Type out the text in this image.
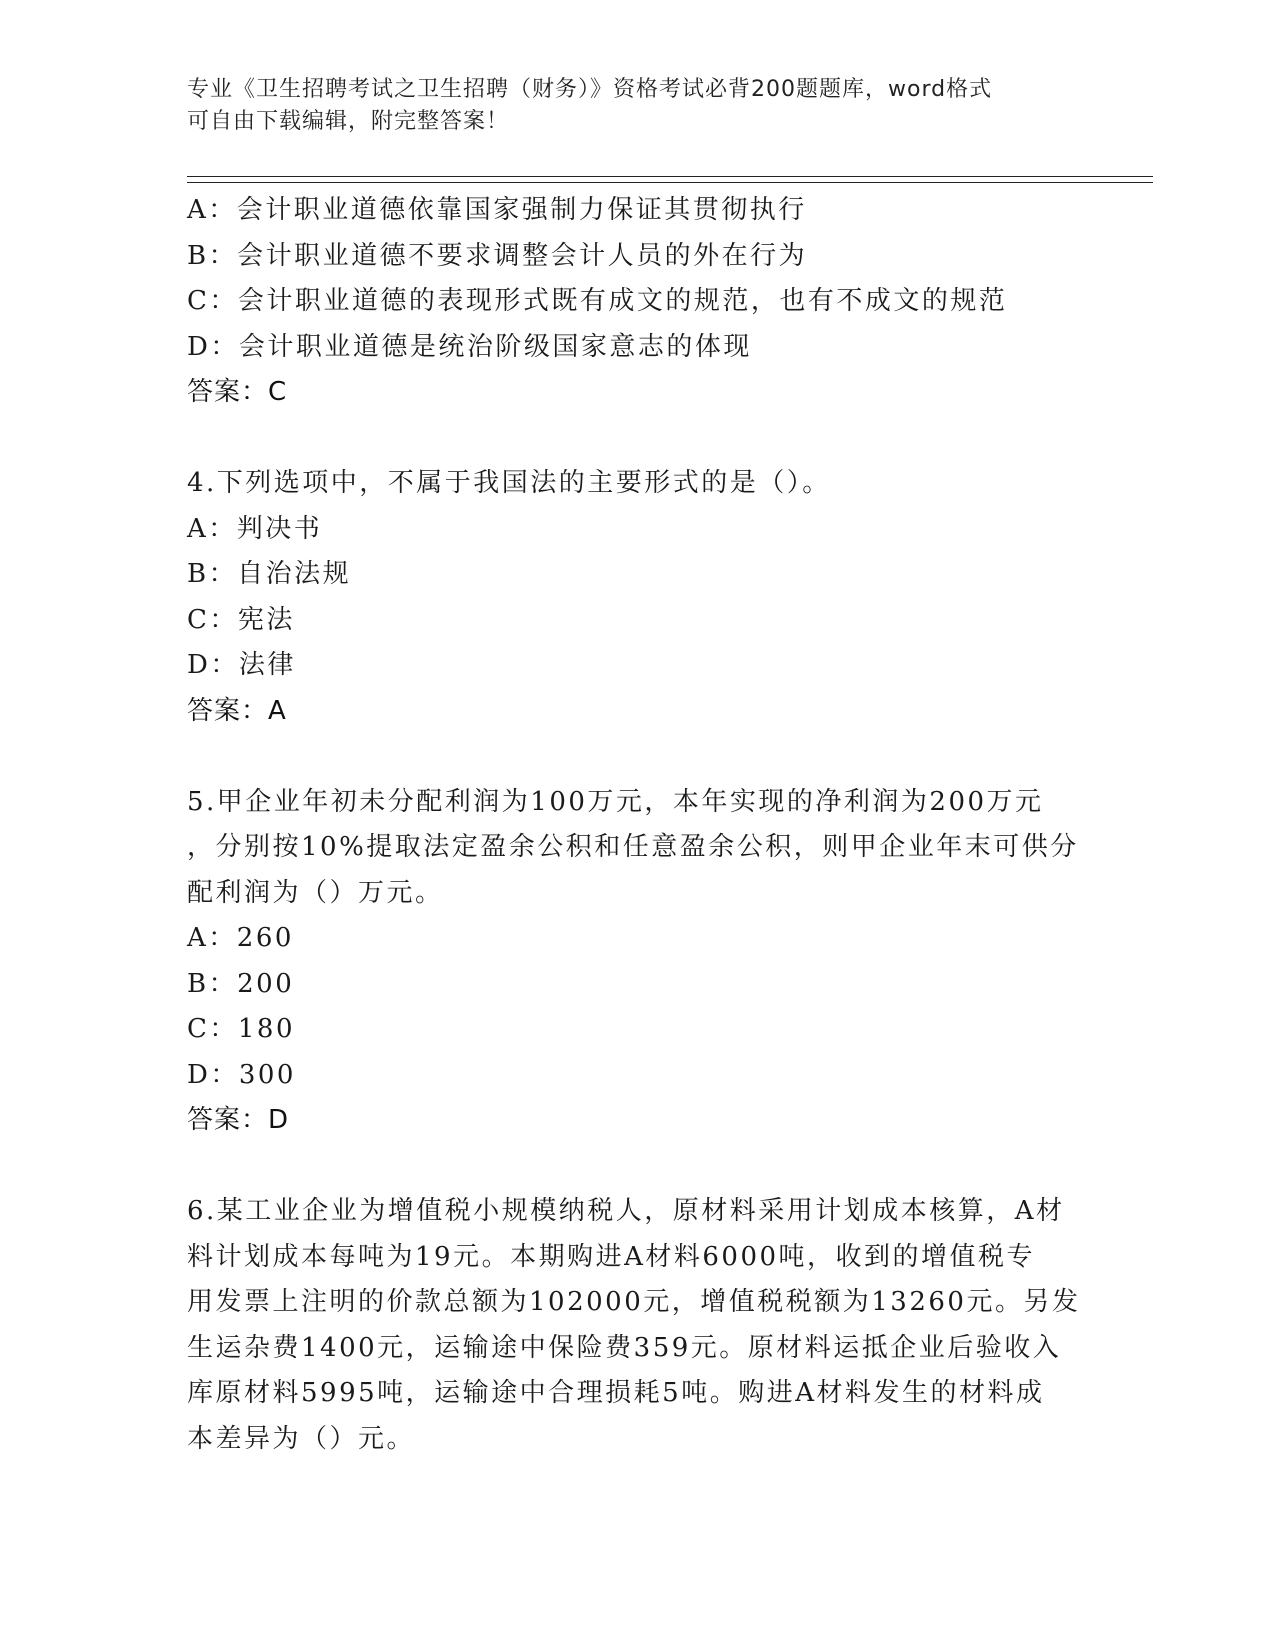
专业《卫生招聘考试之卫生招聘（财务）》资格考试必背200题题库，word格式
可自由下载编辑，附完整答案！
A：会计职业道德依靠国家强制力保证其贯彻执行
B：会计职业道德不要求调整会计人员的外在行为
C：会计职业道德的表现形式既有成文的规范，也有不成文的规范
D：会计职业道德是统治阶级国家意志的体现
答案：C
4.下列选项中，不属于我国法的主要形式的是（）。
A：判决书
B：自治法规
C：宪法
D：法律
答案：A
5.甲企业年初未分配利润为100万元，本年实现的净利润为200万元
，分别按10%提取法定盈余公积和任意盈余公积，则甲企业年末可供分
配利润为（）万元。
A：260
B：200
C：180
D：300
答案：D
6.某工业企业为增值税小规模纳税人，原材料采用计划成本核算，A材
料计划成本每吨为19元。本期购进A材料6000吨，收到的增值税专
用发票上注明的价款总额为102000元，增值税税额为13260元。另发
生运杂费1400元，运输途中保险费359元。原材料运抵企业后验收入
库原材料5995吨，运输途中合理损耗5吨。购进A材料发生的材料成
本差异为（）元。
